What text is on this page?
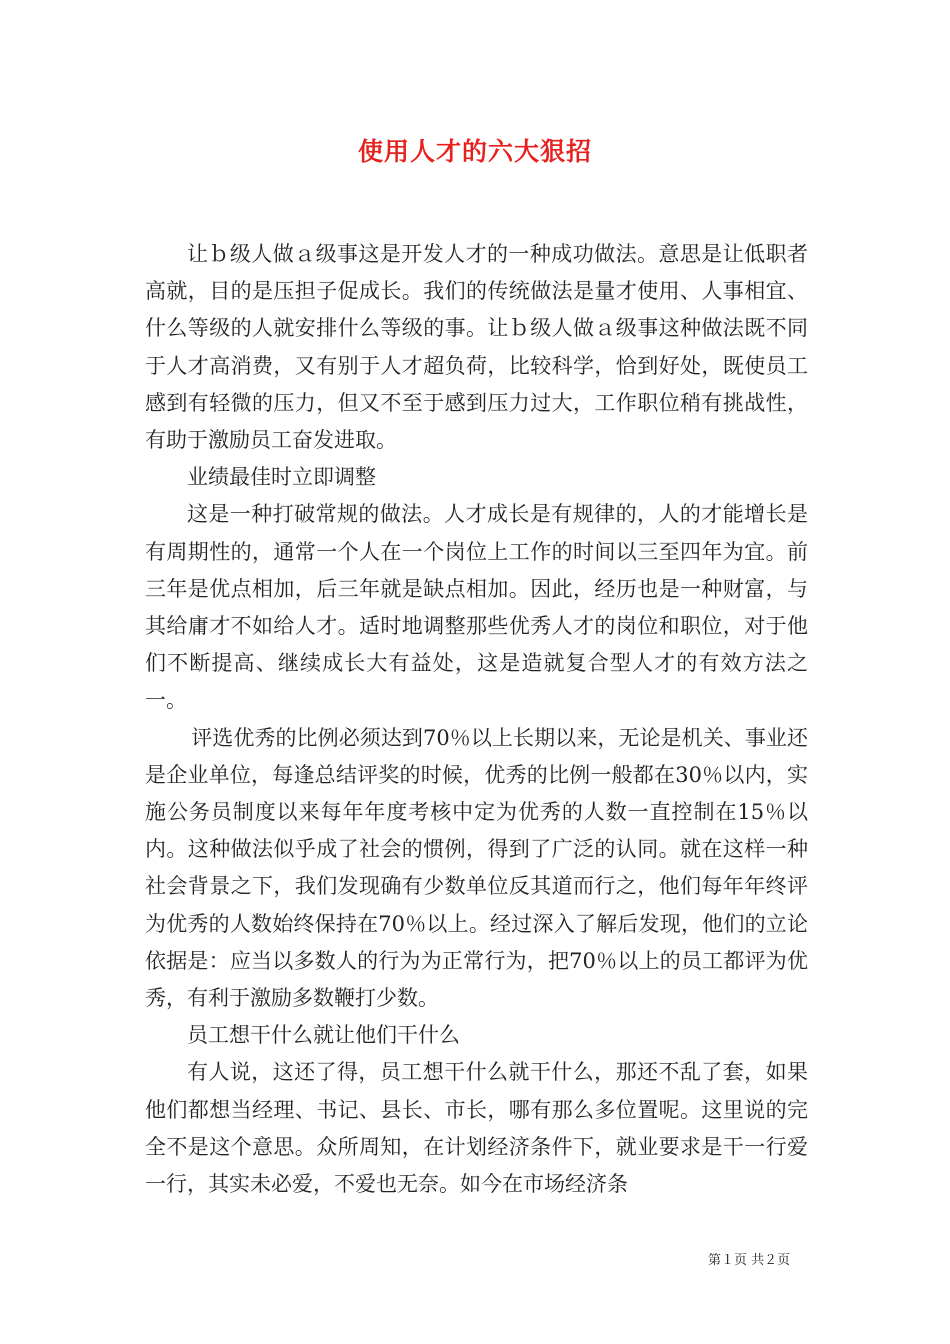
使用人才的六大狠招

让ｂ级人做ａ级事这是开发人才的一种成功做法。意思是让低职者高就，目的是压担子促成长。我们的传统做法是量才使用、人事相宜、什么等级的人就安排什么等级的事。让ｂ级人做ａ级事这种做法既不同于人才高消费，又有别于人才超负荷，比较科学，恰到好处，既使员工感到有轻微的压力，但又不至于感到压力过大，工作职位稍有挑战性，有助于激励员工奋发进取。

业绩最佳时立即调整

这是一种打破常规的做法。人才成长是有规律的，人的才能增长是有周期性的，通常一个人在一个岗位上工作的时间以三至四年为宜。前三年是优点相加，后三年就是缺点相加。因此，经历也是一种财富，与其给庸才不如给人才。适时地调整那些优秀人才的岗位和职位，对于他们不断提高、继续成长大有益处，这是造就复合型人才的有效方法之一。

评选优秀的比例必须达到70％以上长期以来，无论是机关、事业还是企业单位，每逢总结评奖的时候，优秀的比例一般都在30％以内，实施公务员制度以来每年年度考核中定为优秀的人数一直控制在15％以内。这种做法似乎成了社会的惯例，得到了广泛的认同。就在这样一种社会背景之下，我们发现确有少数单位反其道而行之，他们每年年终评为优秀的人数始终保持在70％以上。经过深入了解后发现，他们的立论依据是：应当以多数人的行为为正常行为，把70％以上的员工都评为优秀，有利于激励多数鞭打少数。

员工想干什么就让他们干什么

有人说，这还了得，员工想干什么就干什么，那还不乱了套，如果他们都想当经理、书记、县长、市长，哪有那么多位置呢。这里说的完全不是这个意思。众所周知，在计划经济条件下，就业要求是干一行爱一行，其实未必爱，不爱也无奈。如今在市场经济条

第１页 共２页
